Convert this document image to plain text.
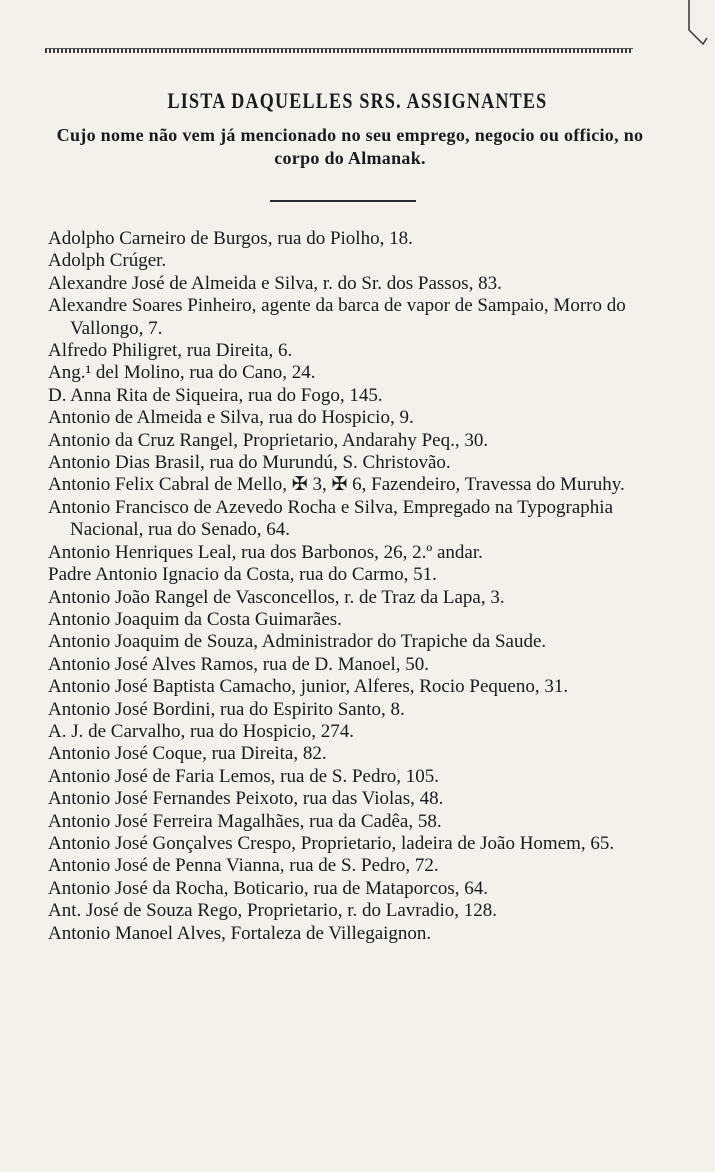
LISTA DAQUELLES SRS. ASSIGNANTES
Cujo nome não vem já mencionado no seu emprego, negocio ou officio, no corpo do Almanak.
Adolpho Carneiro de Burgos, rua do Piolho, 18.
Adolph Crúger.
Alexandre José de Almeida e Silva, r. do Sr. dos Passos, 83.
Alexandre Soares Pinheiro, agente da barca de vapor de Sampaio, Morro do Vallongo, 7.
Alfredo Philigret, rua Direita, 6.
Ang.¹ del Molino, rua do Cano, 24.
D. Anna Rita de Siqueira, rua do Fogo, 145.
Antonio de Almeida e Silva, rua do Hospicio, 9.
Antonio da Cruz Rangel, Proprietario, Andarahy Peq., 30.
Antonio Dias Brasil, rua do Murundú, S. Christovão.
Antonio Felix Cabral de Mello, ✠ 3, ✠ 6, Fazendeiro, Travessa do Muruhy.
Antonio Francisco de Azevedo Rocha e Silva, Empregado na Typographia Nacional, rua do Senado, 64.
Antonio Henriques Leal, rua dos Barbonos, 26, 2.º andar.
Padre Antonio Ignacio da Costa, rua do Carmo, 51.
Antonio João Rangel de Vasconcellos, r. de Traz da Lapa, 3.
Antonio Joaquim da Costa Guimarães.
Antonio Joaquim de Souza, Administrador do Trapiche da Saude.
Antonio José Alves Ramos, rua de D. Manoel, 50.
Antonio José Baptista Camacho, junior, Alferes, Rocio Pequeno, 31.
Antonio José Bordini, rua do Espirito Santo, 8.
A. J. de Carvalho, rua do Hospicio, 274.
Antonio José Coque, rua Direita, 82.
Antonio José de Faria Lemos, rua de S. Pedro, 105.
Antonio José Fernandes Peixoto, rua das Violas, 48.
Antonio José Ferreira Magalhães, rua da Cadêa, 58.
Antonio José Gonçalves Crespo, Proprietario, ladeira de João Homem, 65.
Antonio José de Penna Vianna, rua de S. Pedro, 72.
Antonio José da Rocha, Boticario, rua de Mataporcos, 64.
Ant. José de Souza Rego, Proprietario, r. do Lavradio, 128.
Antonio Manoel Alves, Fortaleza de Villegaignon.
